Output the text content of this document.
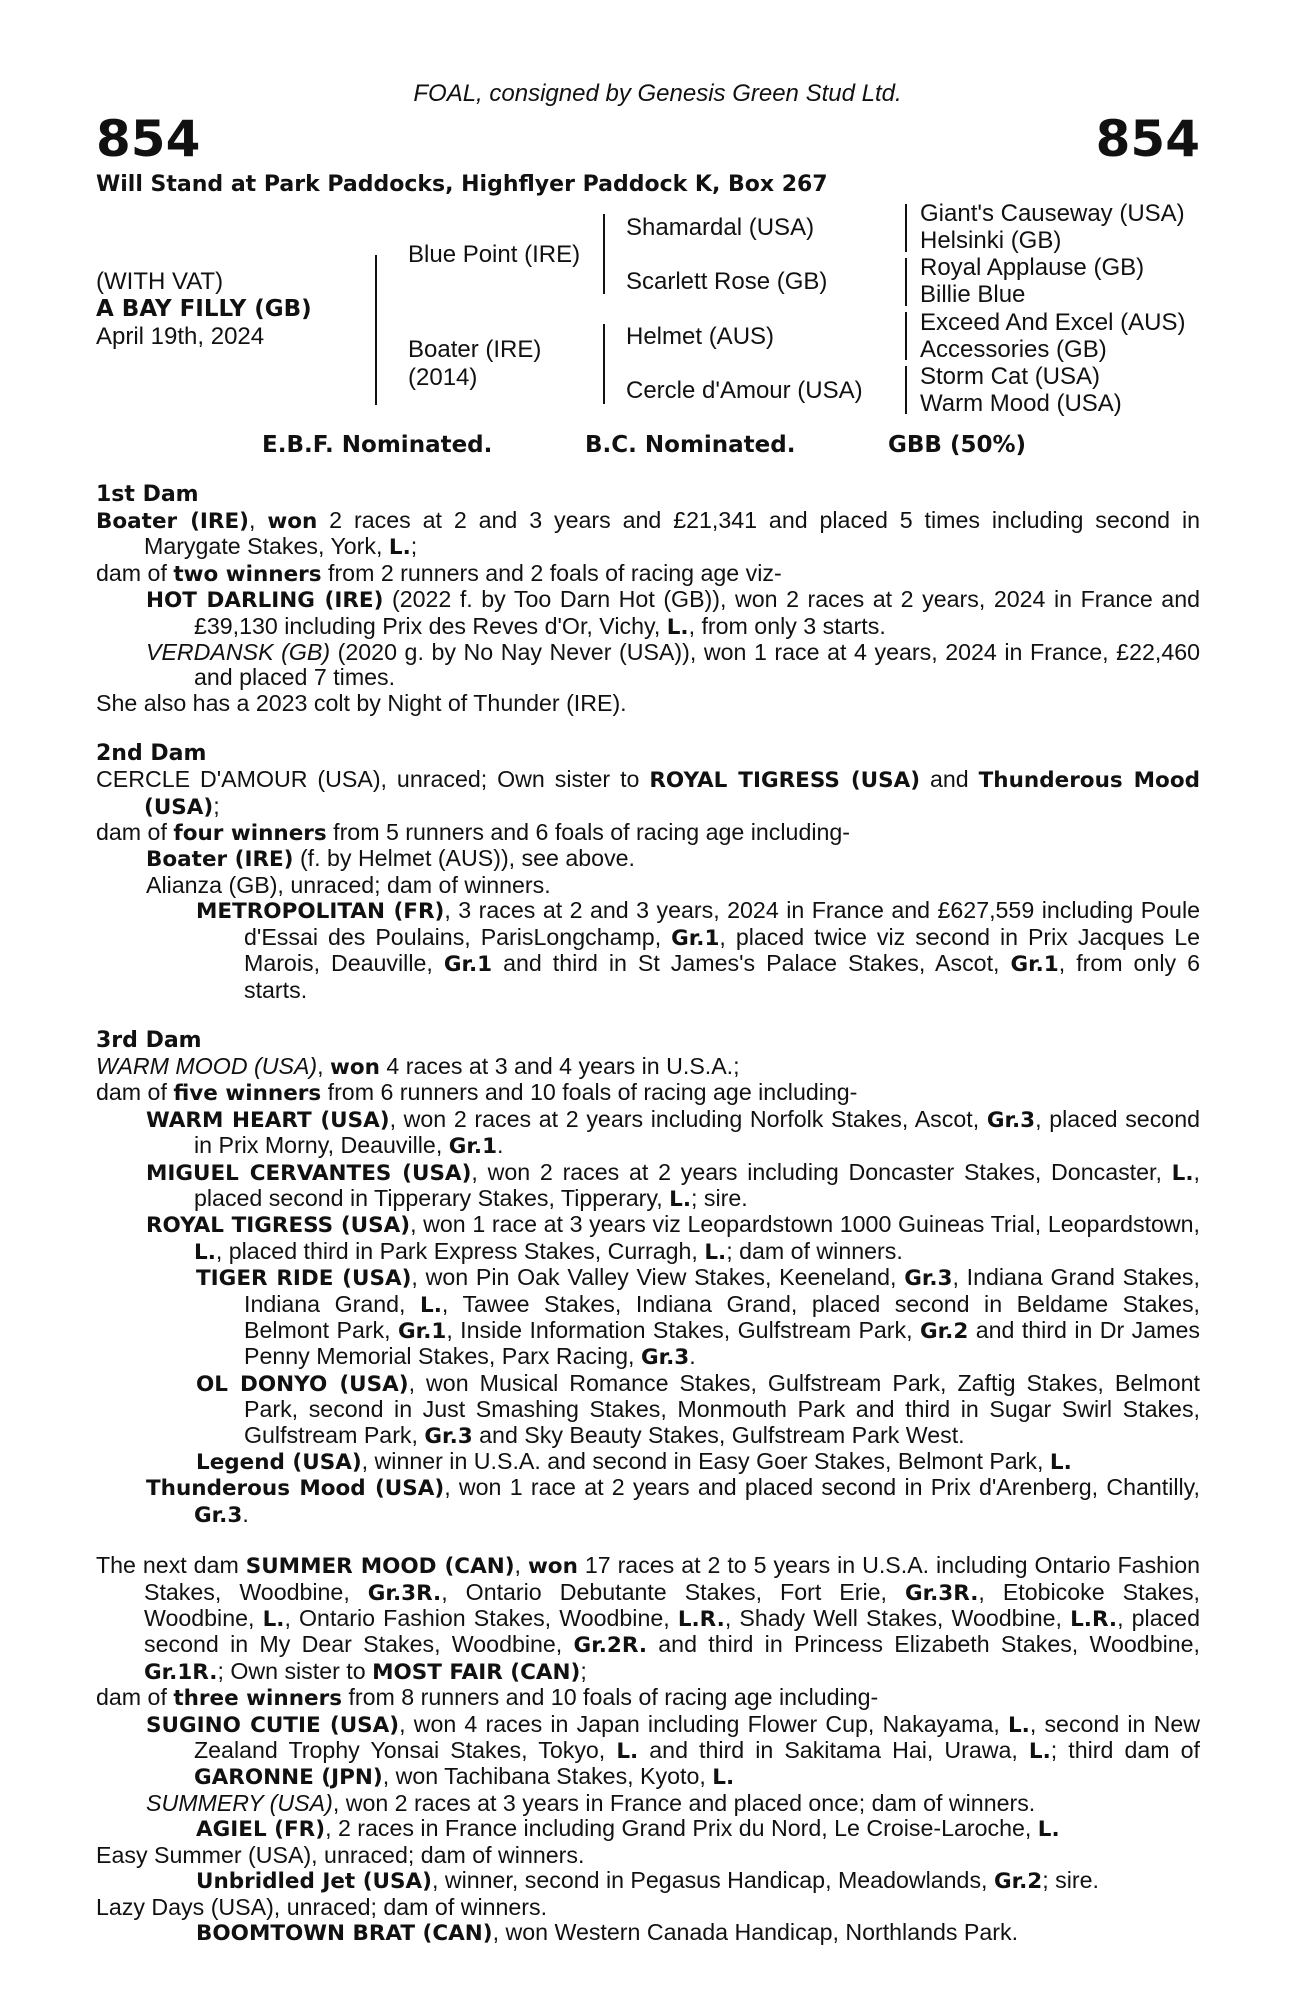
854	854
FOAL, consigned by Genesis Green Stud Ltd.
Will Stand at Park Paddocks, Highflyer Paddock K, Box 267
(WITH VAT)
A BAY FILLY (GB)
April 19th, 2024
Blue Point (IRE)
Boater (IRE)
(2014)
Shamardal (USA)
Scarlett Rose (GB)
Helmet (AUS)
Cercle d'Amour (USA)
Giant's Causeway (USA)
Helsinki (GB)
Royal Applause (GB)
Billie Blue
Exceed And Excel (AUS)
Accessories (GB)
Storm Cat (USA)
Warm Mood (USA)
E.B.F. Nominated.	B.C. Nominated.	GBB (50%)
1st Dam

Boater (IRE), won 2 races at 2 and 3 years and £21,341 and placed 5 times including second in Marygate Stakes, York, L.;

dam of two winners from 2 runners and 2 foals of racing age viz-

HOT DARLING (IRE) (2022 f. by Too Darn Hot (GB)), won 2 races at 2 years, 2024 in France and £39,130 including Prix des Reves d'Or, Vichy, L., from only 3 starts.

VERDANSK (GB) (2020 g. by No Nay Never (USA)), won 1 race at 4 years, 2024 in France, £22,460 and placed 7 times.

She also has a 2023 colt by Night of Thunder (IRE).

2nd Dam

CERCLE D'AMOUR (USA), unraced; Own sister to ROYAL TIGRESS (USA) and Thunderous Mood (USA);

dam of four winners from 5 runners and 6 foals of racing age including-

Boater (IRE) (f. by Helmet (AUS)), see above.

Alianza (GB), unraced; dam of winners.

METROPOLITAN (FR), 3 races at 2 and 3 years, 2024 in France and £627,559 including Poule d'Essai des Poulains, ParisLongchamp, Gr.1, placed twice viz second in Prix Jacques Le Marois, Deauville, Gr.1 and third in St James's Palace Stakes, Ascot, Gr.1, from only 6 starts.

3rd Dam

WARM MOOD (USA), won 4 races at 3 and 4 years in U.S.A.;

dam of five winners from 6 runners and 10 foals of racing age including-

WARM HEART (USA), won 2 races at 2 years including Norfolk Stakes, Ascot, Gr.3, placed second in Prix Morny, Deauville, Gr.1.

MIGUEL CERVANTES (USA), won 2 races at 2 years including Doncaster Stakes, Doncaster, L., placed second in Tipperary Stakes, Tipperary, L.; sire.

ROYAL TIGRESS (USA), won 1 race at 3 years viz Leopardstown 1000 Guineas Trial, Leopardstown, L., placed third in Park Express Stakes, Curragh, L.; dam of winners.

TIGER RIDE (USA), won Pin Oak Valley View Stakes, Keeneland, Gr.3, Indiana Grand Stakes, Indiana Grand, L., Tawee Stakes, Indiana Grand, placed second in Beldame Stakes, Belmont Park, Gr.1, Inside Information Stakes, Gulfstream Park, Gr.2 and third in Dr James Penny Memorial Stakes, Parx Racing, Gr.3.

OL DONYO (USA), won Musical Romance Stakes, Gulfstream Park, Zaftig Stakes, Belmont Park, second in Just Smashing Stakes, Monmouth Park and third in Sugar Swirl Stakes, Gulfstream Park, Gr.3 and Sky Beauty Stakes, Gulfstream Park West.

Legend (USA), winner in U.S.A. and second in Easy Goer Stakes, Belmont Park, L.

Thunderous Mood (USA), won 1 race at 2 years and placed second in Prix d'Arenberg, Chantilly, Gr.3.

The next dam SUMMER MOOD (CAN), won 17 races at 2 to 5 years in U.S.A. including Ontario Fashion Stakes, Woodbine, Gr.3R., Ontario Debutante Stakes, Fort Erie, Gr.3R., Etobicoke Stakes, Woodbine, L., Ontario Fashion Stakes, Woodbine, L.R., Shady Well Stakes, Woodbine, L.R., placed second in My Dear Stakes, Woodbine, Gr.2R. and third in Princess Elizabeth Stakes, Woodbine, Gr.1R.; Own sister to MOST FAIR (CAN);

dam of three winners from 8 runners and 10 foals of racing age including-

SUGINO CUTIE (USA), won 4 races in Japan including Flower Cup, Nakayama, L., second in New Zealand Trophy Yonsai Stakes, Tokyo, L. and third in Sakitama Hai, Urawa, L.; third dam of GARONNE (JPN), won Tachibana Stakes, Kyoto, L.

SUMMERY (USA), won 2 races at 3 years in France and placed once; dam of winners.

AGIEL (FR), 2 races in France including Grand Prix du Nord, Le Croise-Laroche, L.

Easy Summer (USA), unraced; dam of winners.

Unbridled Jet (USA), winner, second in Pegasus Handicap, Meadowlands, Gr.2; sire.

Lazy Days (USA), unraced; dam of winners.

BOOMTOWN BRAT (CAN), won Western Canada Handicap, Northlands Park.
